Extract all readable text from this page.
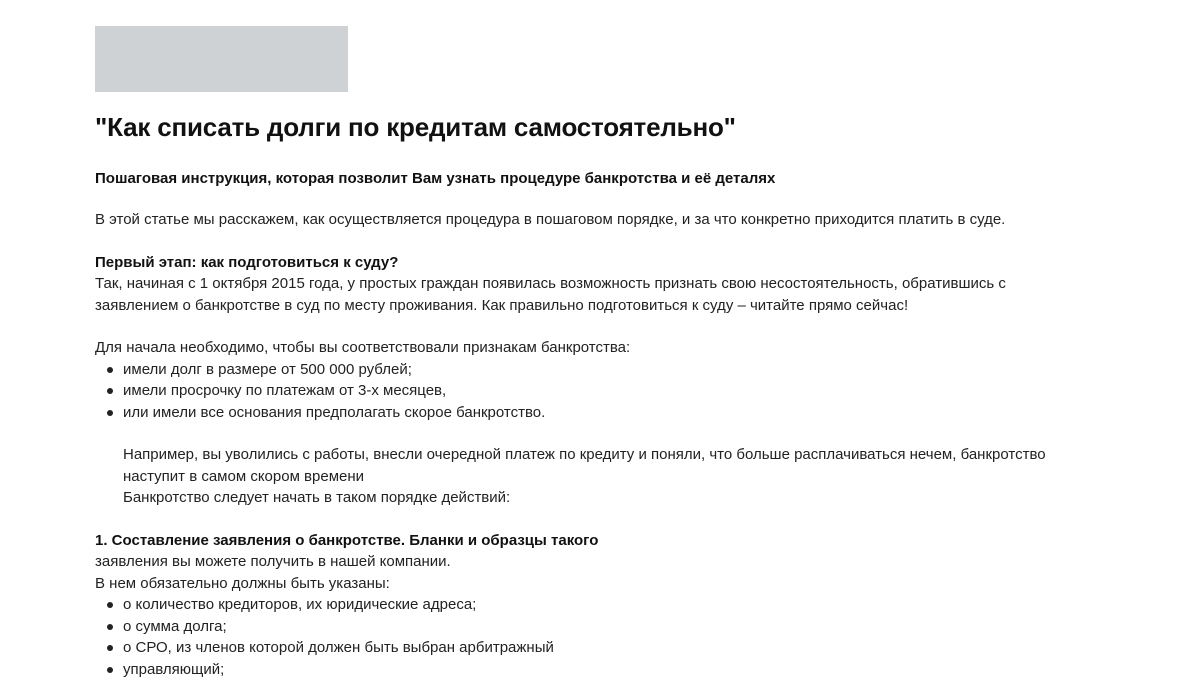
"Как списать долги по кредитам самостоятельно"

Пошаговая инструкция, которая позволит Вам узнать процедуре банкротства и её деталях

В этой статье мы расскажем, как осуществляется процедура в пошаговом порядке, и за что конкретно приходится платить в суде.

Первый этап: как подготовиться к суду?

Так, начиная с 1 октября 2015 года, у простых граждан появилась возможность признать свою несостоятельность, обратившись с

заявлением о банкротстве в суд по месту проживания. Как правильно подготовиться к суду – читайте прямо сейчас!

Для начала необходимо, чтобы вы соответствовали признакам банкротства:

имели долг в размере от 500 000 рублей;
имели просрочку по платежам от 3-х месяцев,
или имели все основания предполагать скорое банкротство.

Например, вы уволились с работы, внесли очередной платеж по кредиту и поняли, что больше расплачиваться нечем, банкротство

наступит в самом скором времени

Банкротство следует начать в таком порядке действий:

1. Составление заявления о банкротстве. Бланки и образцы такого

заявления вы можете получить в нашей компании.

В нем обязательно должны быть указаны:

о количество кредиторов, их юридические адреса;
о сумма долга;
о СРО, из членов которой должен быть выбран арбитражный
управляющий;
